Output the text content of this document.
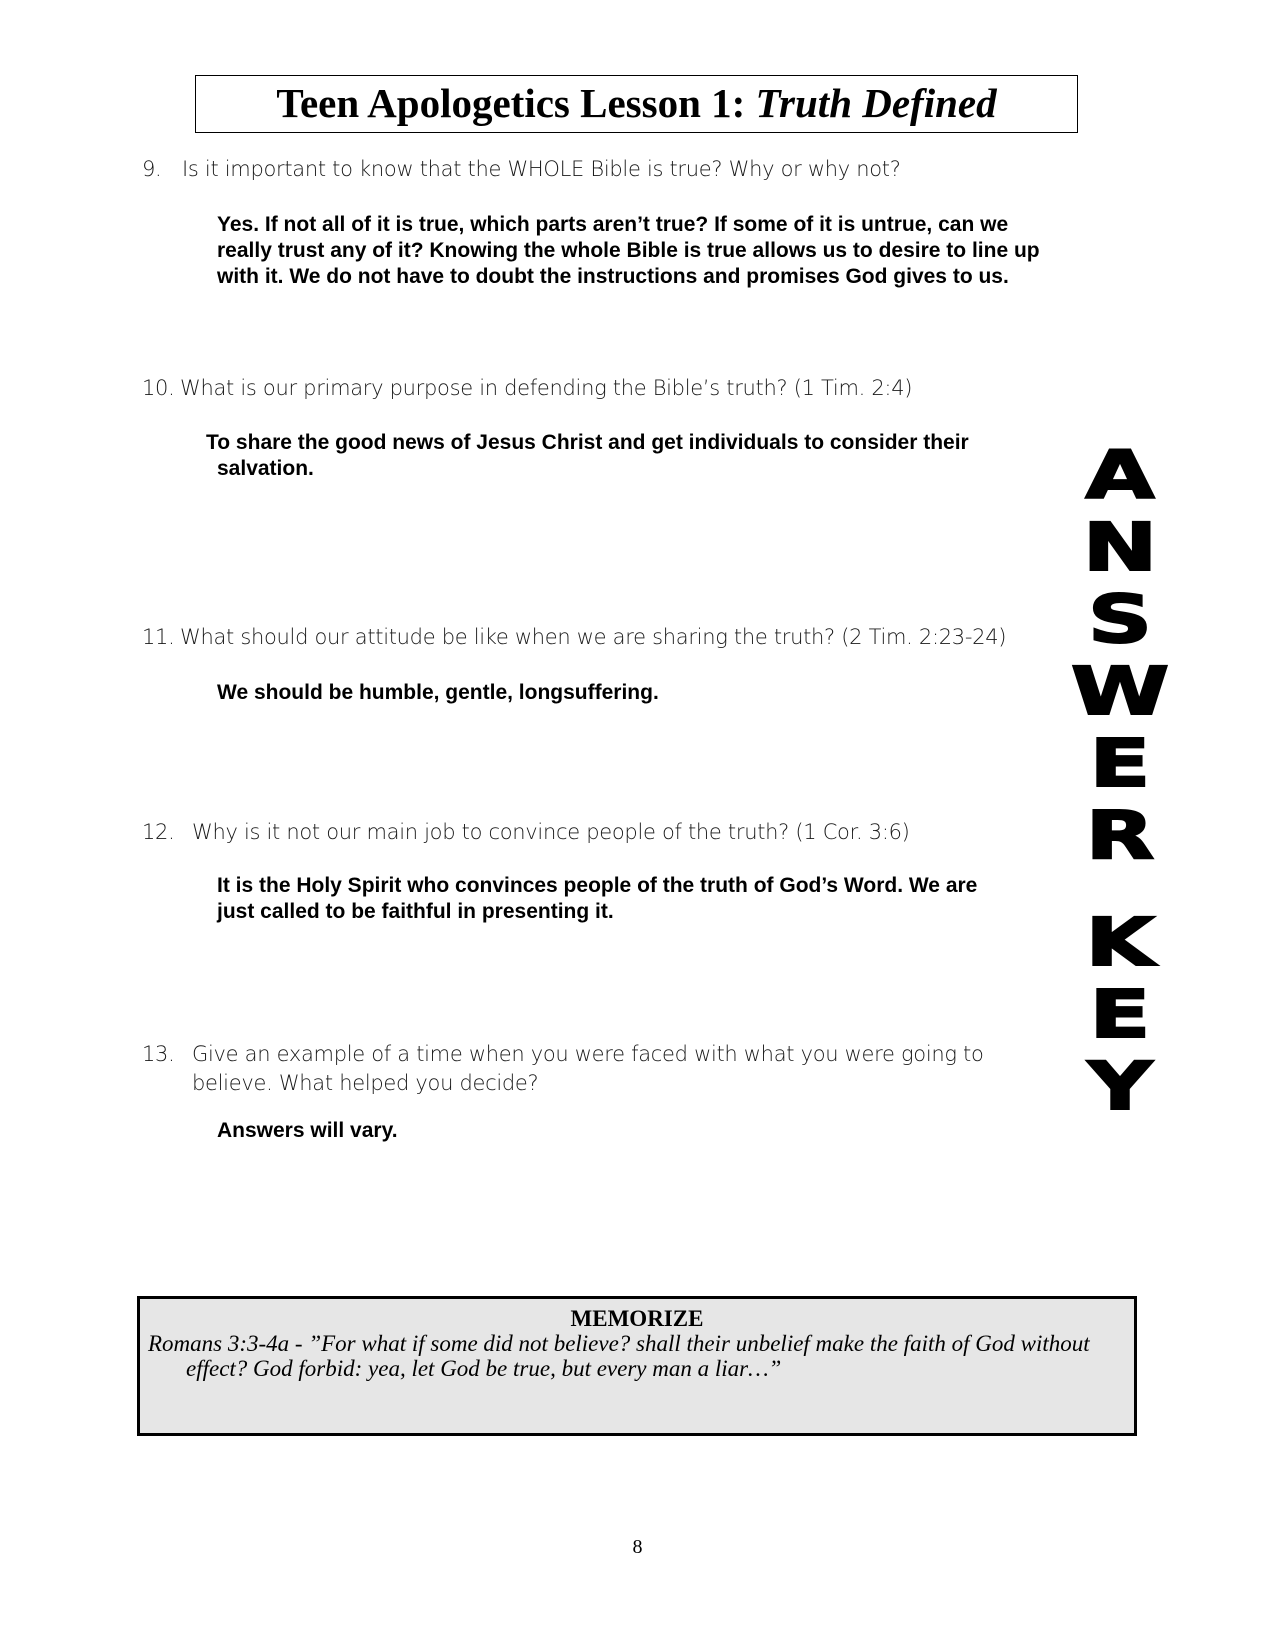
Teen Apologetics Lesson 1: Truth Defined
9. Is it important to know that the WHOLE Bible is true? Why or why not?
Yes. If not all of it is true, which parts aren’t true? If some of it is untrue, can we
really trust any of it? Knowing the whole Bible is true allows us to desire to line up
with it. We do not have to doubt the instructions and promises God gives to us.
10. What is our primary purpose in defending the Bible’s truth? (1 Tim. 2:4)
To share the good news of Jesus Christ and get individuals to consider their
salvation.
11. What should our attitude be like when we are sharing the truth? (2 Tim. 2:23-24)
We should be humble, gentle, longsuffering.
12. Why is it not our main job to convince people of the truth? (1 Cor. 3:6)
It is the Holy Spirit who convinces people of the truth of God’s Word. We are
just called to be faithful in presenting it.
13. Give an example of a time when you were faced with what you were going to
believe. What helped you decide?
Answers will vary.
A
N
S
W
E
R
K
E
Y
MEMORIZE
Romans 3:3-4a - ”For what if some did not believe? shall their unbelief make the faith of God without effect? God forbid: yea, let God be true, but every man a liar…”
8
